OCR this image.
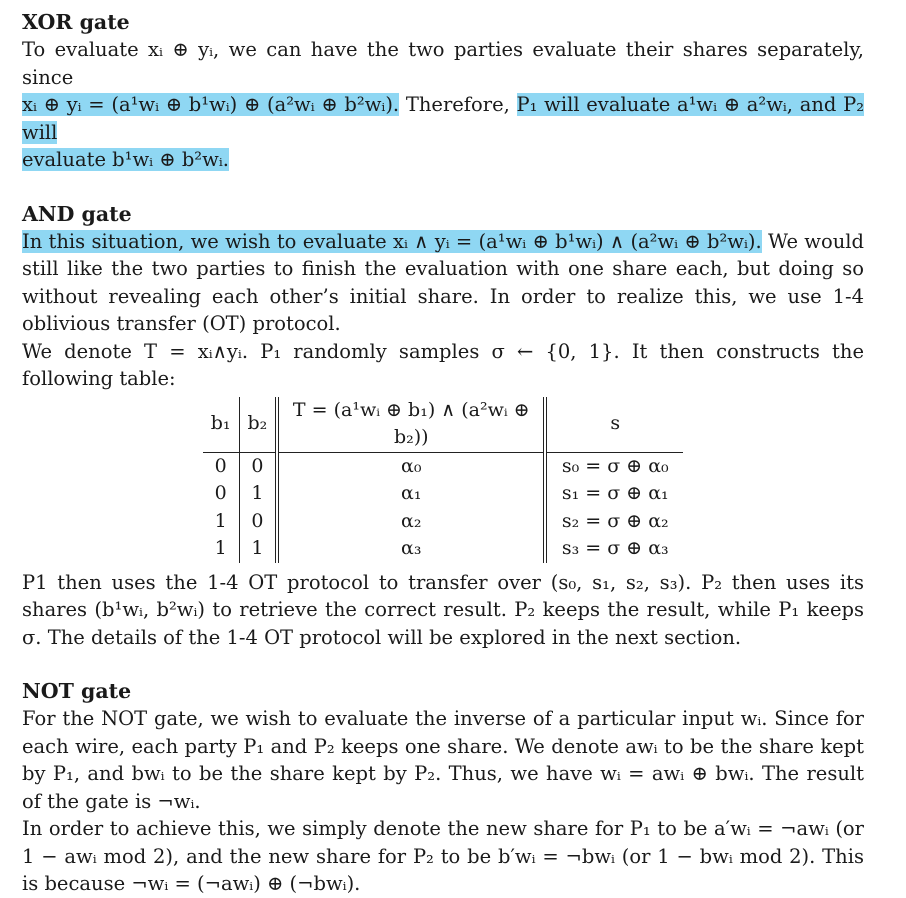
XOR gate

To evaluate xᵢ ⊕ yᵢ, we can have the two parties evaluate their shares separately, since
xᵢ ⊕ yᵢ = (a¹wᵢ ⊕ b¹wᵢ) ⊕ (a²wᵢ ⊕ b²wᵢ). Therefore, P₁ will evaluate a¹wᵢ ⊕ a²wᵢ, and P₂ will
evaluate b¹wᵢ ⊕ b²wᵢ.

AND gate

In this situation, we wish to evaluate xᵢ ∧ yᵢ = (a¹wᵢ ⊕ b¹wᵢ) ∧ (a²wᵢ ⊕ b²wᵢ). We would still like the two parties to finish the evaluation with one share each, but doing so without revealing each other’s initial share. In order to realize this, we use 1-4 oblivious transfer (OT) protocol.

We denote T = xᵢ∧yᵢ. P₁ randomly samples σ ← {0, 1}. It then constructs the following table:

b₁	b₂	T = (a¹wᵢ ⊕ b₁) ∧ (a²wᵢ ⊕ b₂))	s
0	0	α₀	s₀ = σ ⊕ α₀
0	1	α₁	s₁ = σ ⊕ α₁
1	0	α₂	s₂ = σ ⊕ α₂
1	1	α₃	s₃ = σ ⊕ α₃

P1 then uses the 1-4 OT protocol to transfer over (s₀, s₁, s₂, s₃). P₂ then uses its shares (b¹wᵢ, b²wᵢ) to retrieve the correct result. P₂ keeps the result, while P₁ keeps σ. The details of the 1-4 OT protocol will be explored in the next section.

NOT gate

For the NOT gate, we wish to evaluate the inverse of a particular input wᵢ. Since for each wire, each party P₁ and P₂ keeps one share. We denote awᵢ to be the share kept by P₁, and bwᵢ to be the share kept by P₂. Thus, we have wᵢ = awᵢ ⊕ bwᵢ. The result of the gate is ¬wᵢ.

In order to achieve this, we simply denote the new share for P₁ to be a′wᵢ = ¬awᵢ (or 1 − awᵢ mod 2), and the new share for P₂ to be b′wᵢ = ¬bwᵢ (or 1 − bwᵢ mod 2). This is because ¬wᵢ = (¬awᵢ) ⊕ (¬bwᵢ).
